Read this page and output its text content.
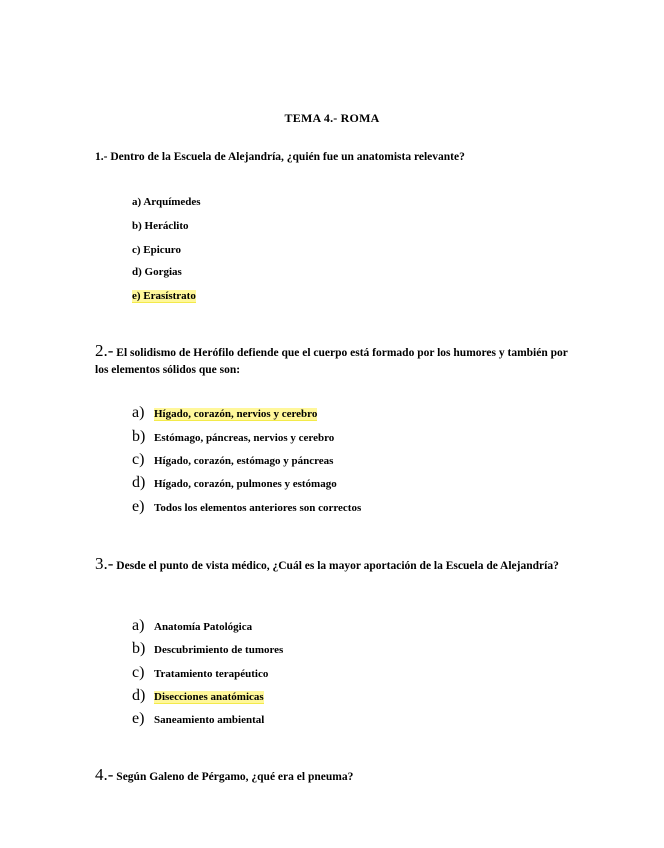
TEMA 4.- ROMA
1.- Dentro de la Escuela de Alejandría, ¿quién fue un anatomista relevante?
a) Arquímedes
b) Heráclito
c) Epicuro
d) Gorgias
e) Erasístrato
2.- El solidismo de Herófilo defiende que el cuerpo está formado por los humores y también por los elementos sólidos que son:
a) Hígado, corazón, nervios y cerebro
b) Estómago, páncreas, nervios y cerebro
c) Hígado, corazón, estómago y páncreas
d) Hígado, corazón, pulmones y estómago
e) Todos los elementos anteriores son correctos
3.- Desde el punto de vista médico, ¿Cuál es la mayor aportación de la Escuela de Alejandría?
a) Anatomía Patológica
b) Descubrimiento de tumores
c) Tratamiento terapéutico
d) Disecciones anatómicas
e) Saneamiento ambiental
4.- Según Galeno de Pérgamo, ¿qué era el pneuma?
